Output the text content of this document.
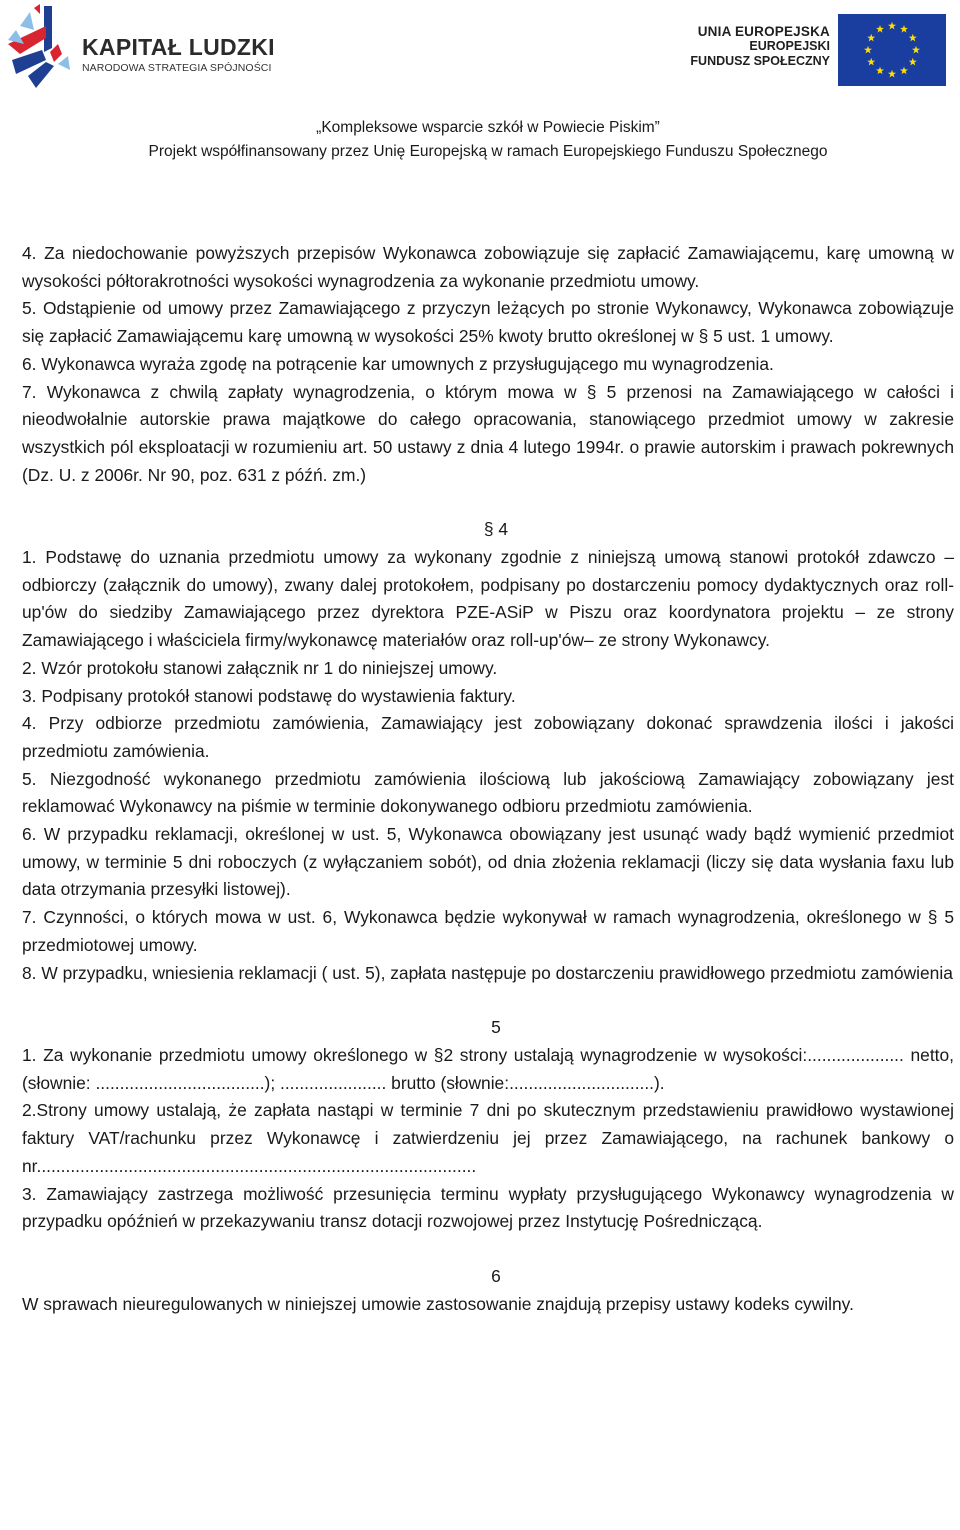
KAPITAŁ LUDZKI
NARODOWA STRATEGIA SPÓJNOŚCI
UNIA EUROPEJSKA
EUROPEJSKI
FUNDUSZ SPOŁECZNY
„Kompleksowe wsparcie szkół w Powiecie Piskim”
Projekt współfinansowany przez Unię Europejską w ramach Europejskiego Funduszu Społecznego

4. Za niedochowanie powyższych przepisów Wykonawca zobowiązuje się zapłacić Zamawiającemu, karę umowną w wysokości półtorakrotności wysokości wynagrodzenia za wykonanie przedmiotu umowy.

5. Odstąpienie od umowy przez Zamawiającego z przyczyn leżących po stronie Wykonawcy, Wykonawca zobowiązuje się zapłacić Zamawiającemu karę umowną w wysokości 25% kwoty brutto określonej w § 5 ust. 1 umowy.

6. Wykonawca wyraża zgodę na potrącenie kar umownych z przysługującego mu wynagrodzenia.

7. Wykonawca z chwilą zapłaty wynagrodzenia, o którym mowa w § 5 przenosi na Zamawiającego w całości i nieodwołalnie autorskie prawa majątkowe do całego opracowania, stanowiącego przedmiot umowy w zakresie wszystkich pól eksploatacji w rozumieniu art. 50 ustawy z dnia 4 lutego 1994r. o prawie autorskim i prawach pokrewnych (Dz. U. z 2006r. Nr 90, poz. 631 z późń. zm.)

§ 4

1. Podstawę do uznania przedmiotu umowy za wykonany zgodnie z niniejszą umową stanowi protokół zdawczo – odbiorczy (załącznik do umowy), zwany dalej protokołem, podpisany po dostarczeniu pomocy dydaktycznych oraz roll- up'ów do siedziby Zamawiającego przez dyrektora PZE-ASiP w Piszu oraz koordynatora projektu – ze strony Zamawiającego i właściciela firmy/wykonawcę materiałów oraz roll-up'ów– ze strony Wykonawcy.

2. Wzór protokołu stanowi załącznik nr 1 do niniejszej umowy.

3. Podpisany protokół stanowi podstawę do wystawienia faktury.

4. Przy odbiorze przedmiotu zamówienia, Zamawiający jest zobowiązany dokonać sprawdzenia ilości i jakości przedmiotu zamówienia.

5. Niezgodność wykonanego przedmiotu zamówienia ilościową lub jakościową Zamawiający zobowiązany jest reklamować Wykonawcy na piśmie w terminie dokonywanego odbioru przedmiotu zamówienia.

6. W przypadku reklamacji, określonej w ust. 5, Wykonawca obowiązany jest usunąć wady bądź wymienić przedmiot umowy, w terminie 5 dni roboczych (z wyłączaniem sobót), od dnia złożenia reklamacji (liczy się data wysłania faxu lub data otrzymania przesyłki listowej).

7. Czynności, o których mowa w ust. 6, Wykonawca będzie wykonywał w ramach wynagrodzenia, określonego w § 5 przedmiotowej umowy.

8. W przypadku, wniesienia reklamacji ( ust. 5), zapłata następuje po dostarczeniu prawidłowego przedmiotu zamówienia

5

1. Za wykonanie przedmiotu umowy określonego w §2 strony ustalają wynagrodzenie w wysokości:.................... netto, (słownie: ...................................); ...................... brutto (słownie:..............................).

2.Strony umowy ustalają, że zapłata nastąpi w terminie 7 dni po skutecznym przedstawieniu prawidłowo wystawionej faktury VAT/rachunku przez Wykonawcę i zatwierdzeniu jej przez Zamawiającego, na rachunek bankowy o nr...........................................................................................

3. Zamawiający zastrzega możliwość przesunięcia terminu wypłaty przysługującego Wykonawcy wynagrodzenia w przypadku opóźnień w przekazywaniu transz dotacji rozwojowej przez Instytucję Pośredniczącą.

6

W sprawach nieuregulowanych w niniejszej umowie zastosowanie znajdują przepisy ustawy kodeks cywilny.
